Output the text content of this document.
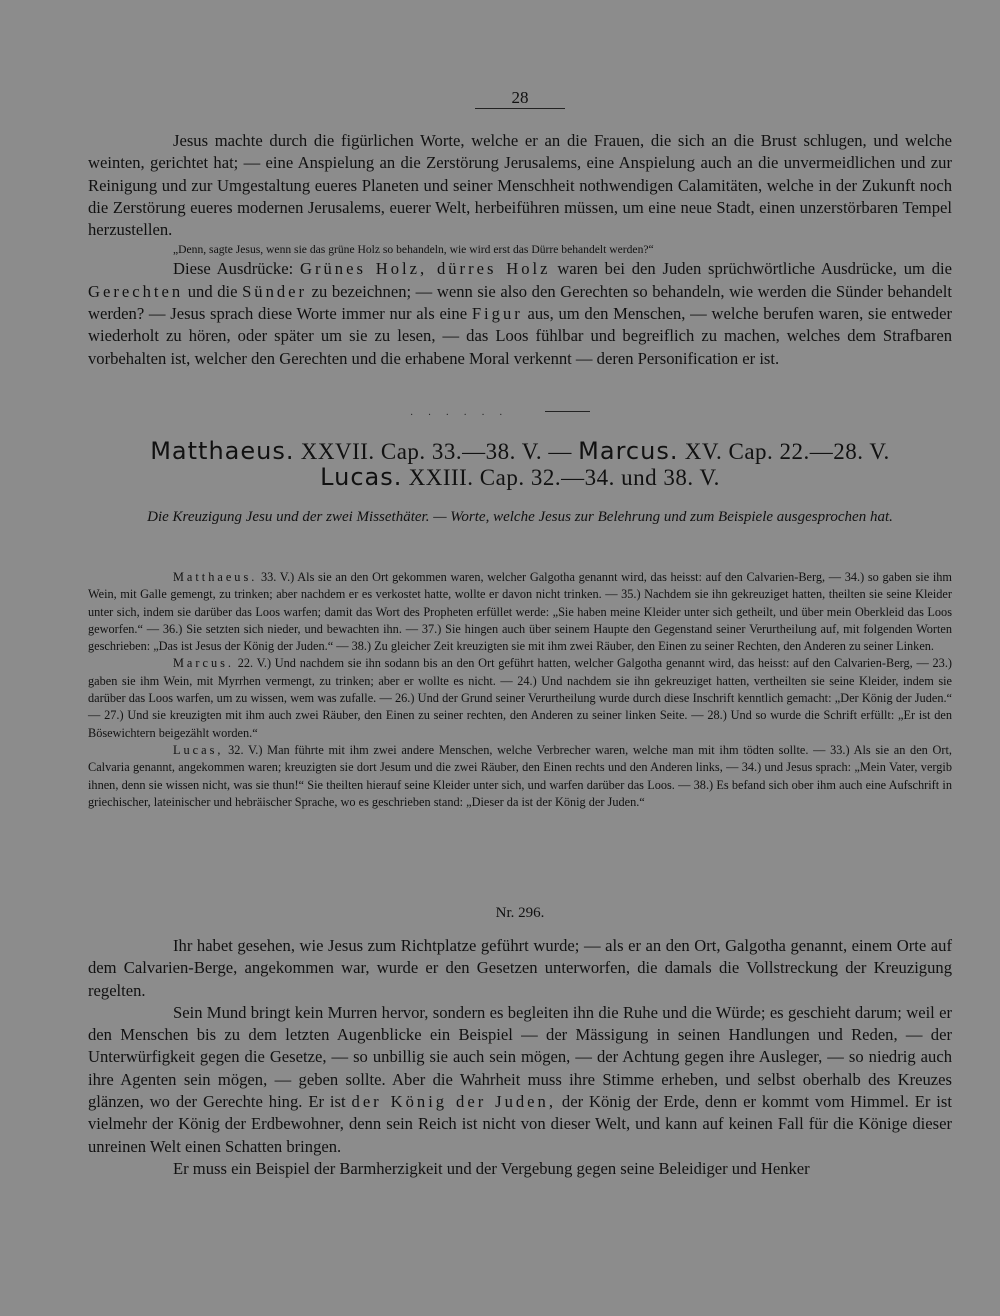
28

Jesus machte durch die figürlichen Worte, welche er an die Frauen, die sich an die Brust schlugen, und welche weinten, gerichtet hat; — eine Anspielung an die Zerstörung Jerusalems, eine Anspielung auch an die unvermeidlichen und zur Reinigung und zur Umgestaltung eueres Planeten und seiner Menschheit nothwendigen Calamitäten, welche in der Zukunft noch die Zerstörung eueres modernen Jerusalems, euerer Welt, herbeiführen müssen, um eine neue Stadt, einen unzerstörbaren Tempel herzustellen.

„Denn, sagte Jesus, wenn sie das grüne Holz so behandeln, wie wird erst das Dürre behandelt werden?“

Diese Ausdrücke: Grünes Holz, dürres Holz waren bei den Juden sprüchwörtliche Ausdrücke, um die Gerechten und die Sünder zu bezeichnen; — wenn sie also den Gerechten so behandeln, wie werden die Sünder behandelt werden? — Jesus sprach diese Worte immer nur als eine Figur aus, um den Menschen, — welche berufen waren, sie entweder wiederholt zu hören, oder später um sie zu lesen, — das Loos fühlbar und begreiflich zu machen, welches dem Strafbaren vorbehalten ist, welcher den Gerechten und die erhabene Moral verkennt — deren Personification er ist.

· · · · · ·
Matthaeus. XXVII. Cap. 33.—38. V. — Marcus. XV. Cap. 22.—28. V.
Lucas. XXIII. Cap. 32.—34. und 38. V.
Die Kreuzigung Jesu und der zwei Missethäter. — Worte, welche Jesus zur Belehrung und zum Beispiele ausgesprochen hat.

Matthaeus. 33. V.) Als sie an den Ort gekommen waren, welcher Galgotha genannt wird, das heisst: auf den Calvarien-Berg, — 34.) so gaben sie ihm Wein, mit Galle gemengt, zu trinken; aber nachdem er es verkostet hatte, wollte er davon nicht trinken. — 35.) Nachdem sie ihn gekreuziget hatten, theilten sie seine Kleider unter sich, indem sie darüber das Loos warfen; damit das Wort des Propheten erfüllet werde: „Sie haben meine Kleider unter sich getheilt, und über mein Oberkleid das Loos geworfen.“ — 36.) Sie setzten sich nieder, und bewachten ihn. — 37.) Sie hingen auch über seinem Haupte den Gegenstand seiner Verurtheilung auf, mit folgenden Worten geschrieben: „Das ist Jesus der König der Juden.“ — 38.) Zu gleicher Zeit kreuzigten sie mit ihm zwei Räuber, den Einen zu seiner Rechten, den Anderen zu seiner Linken.

Marcus. 22. V.) Und nachdem sie ihn sodann bis an den Ort geführt hatten, welcher Galgotha genannt wird, das heisst: auf den Calvarien-Berg, — 23.) gaben sie ihm Wein, mit Myrrhen vermengt, zu trinken; aber er wollte es nicht. — 24.) Und nachdem sie ihn gekreuziget hatten, vertheilten sie seine Kleider, indem sie darüber das Loos warfen, um zu wissen, wem was zufalle. — 26.) Und der Grund seiner Verurtheilung wurde durch diese Inschrift kenntlich gemacht: „Der König der Juden.“ — 27.) Und sie kreuzigten mit ihm auch zwei Räuber, den Einen zu seiner rechten, den Anderen zu seiner linken Seite. — 28.) Und so wurde die Schrift erfüllt: „Er ist den Bösewichtern beigezählt worden.“

Lucas, 32. V.) Man führte mit ihm zwei andere Menschen, welche Verbrecher waren, welche man mit ihm tödten sollte. — 33.) Als sie an den Ort, Calvaria genannt, angekommen waren; kreuzigten sie dort Jesum und die zwei Räuber, den Einen rechts und den Anderen links, — 34.) und Jesus sprach: „Mein Vater, vergib ihnen, denn sie wissen nicht, was sie thun!“ Sie theilten hierauf seine Kleider unter sich, und warfen darüber das Loos. — 38.) Es befand sich ober ihm auch eine Aufschrift in griechischer, lateinischer und hebräischer Sprache, wo es geschrieben stand: „Dieser da ist der König der Juden.“

Nr. 296.

Ihr habet gesehen, wie Jesus zum Richtplatze geführt wurde; — als er an den Ort, Galgotha genannt, einem Orte auf dem Calvarien-Berge, angekommen war, wurde er den Gesetzen unterworfen, die damals die Vollstreckung der Kreuzigung regelten.

Sein Mund bringt kein Murren hervor, sondern es begleiten ihn die Ruhe und die Würde; es geschieht darum; weil er den Menschen bis zu dem letzten Augenblicke ein Beispiel — der Mässigung in seinen Handlungen und Reden, — der Unterwürfigkeit gegen die Gesetze, — so unbillig sie auch sein mögen, — der Achtung gegen ihre Ausleger, — so niedrig auch ihre Agenten sein mögen, — geben sollte. Aber die Wahrheit muss ihre Stimme erheben, und selbst oberhalb des Kreuzes glänzen, wo der Gerechte hing. Er ist der König der Juden, der König der Erde, denn er kommt vom Himmel. Er ist vielmehr der König der Erdbewohner, denn sein Reich ist nicht von dieser Welt, und kann auf keinen Fall für die Könige dieser unreinen Welt einen Schatten bringen.

Er muss ein Beispiel der Barmherzigkeit und der Vergebung gegen seine Beleidiger und Henker
